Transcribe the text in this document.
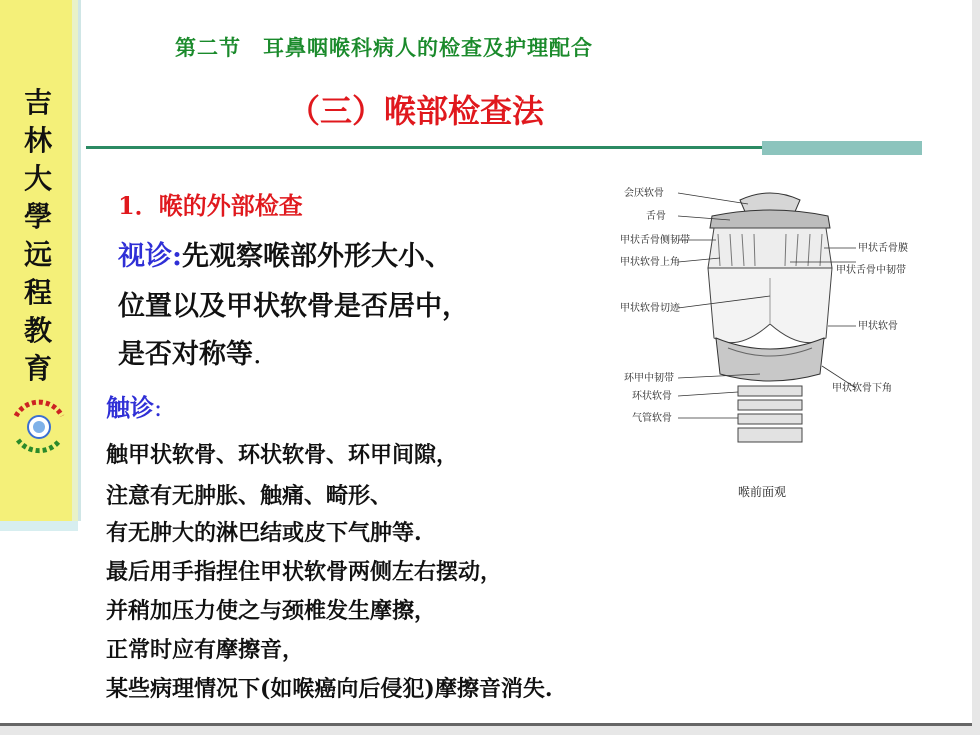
吉
林
大
學
远
程
教
育
第二节　耳鼻咽喉科病人的检查及护理配合
（三）喉部检查法
1．喉的外部检查
视诊:先观察喉部外形大小、
位置以及甲状软骨是否居中，
是否对称等.
触诊:
触甲状软骨、环状软骨、环甲间隙，
注意有无肿胀、触痛、畸形、
有无肿大的淋巴结或皮下气肿等.
最后用手指捏住甲状软骨两侧左右摆动，
并稍加压力使之与颈椎发生摩擦，
正常时应有摩擦音，
某些病理情况下(如喉癌向后侵犯)摩擦音消失.
会厌软骨
舌骨
甲状舌骨侧韧带
甲状软骨上角
甲状软骨切迹
环甲中韧带
环状软骨
气管软骨
甲状舌骨膜
甲状舌骨中韧带
甲状软骨
甲状软骨下角
喉前面观
